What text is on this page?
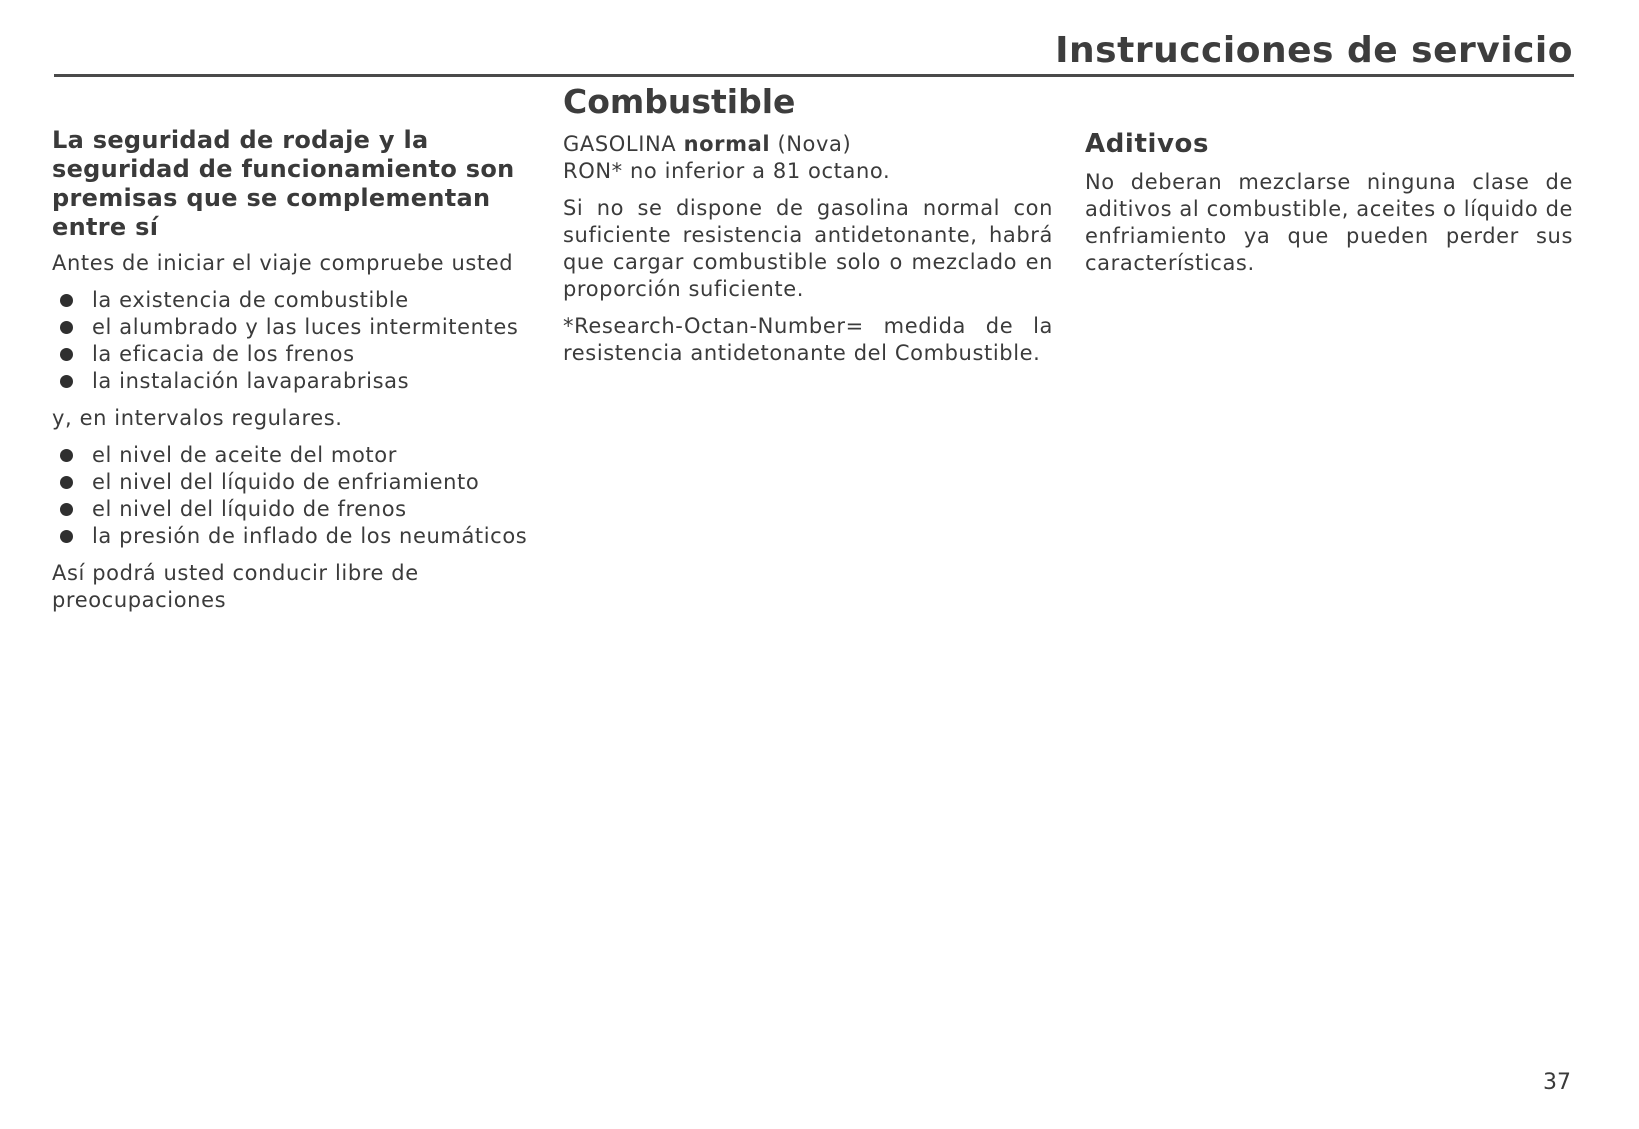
Instrucciones de servicio
La seguridad de rodaje y la seguridad de funcionamiento son premisas que se complementan entre sí

Antes de iniciar el viaje compruebe usted

la existencia de combustible
el alumbrado y las luces intermitentes
la eficacia de los frenos
la instalación lavaparabrisas

y, en intervalos regulares.

el nivel de aceite del motor
el nivel del líquido de enfriamiento
el nivel del líquido de frenos
la presión de inflado de los neumáticos

Así podrá usted conducir libre de preocupaciones

Combustible

GASOLINA normal (Nova)

RON* no inferior a 81 octano.

Si no se dispone de gasolina normal con suficiente resistencia antidetonante, habrá que cargar combustible solo o mezclado en proporción suficiente.

*Research-Octan-Number= medida de la resistencia antidetonante del Combustible.

Aditivos

No deberan mezclarse ninguna clase de aditivos al combustible, aceites o líquido de enfriamiento ya que pueden perder sus características.

37
